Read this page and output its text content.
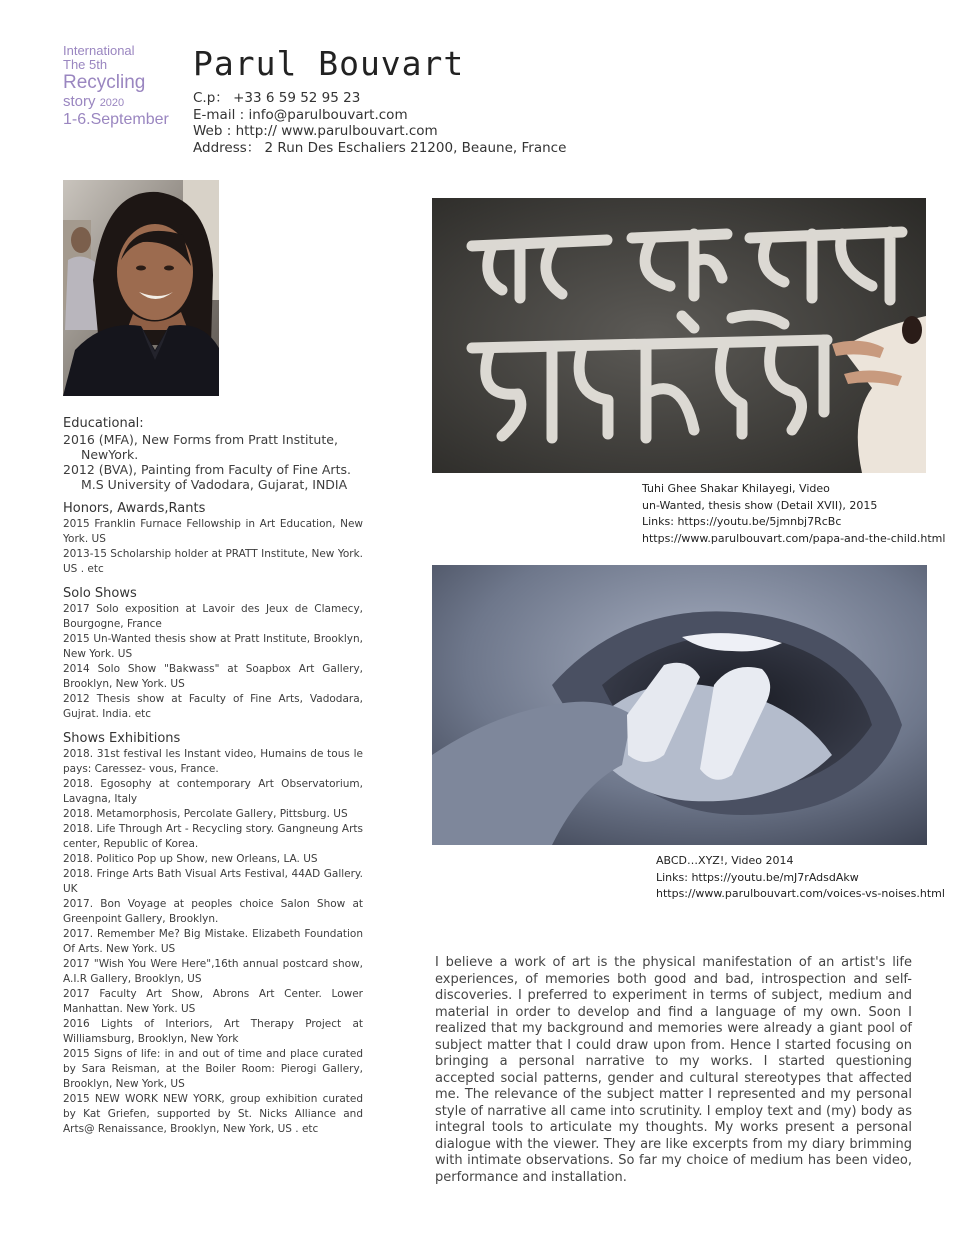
International
The 5th
Recycling
story 2020
1-6.September
Parul Bouvart
C.p： +33 6 59 52 95 23
E-mail : info@parulbouvart.com
Web : http:// www.parulbouvart.com
Address： 2 Run Des Eschaliers 21200, Beaune, France
Educational:
2016 (MFA), New Forms from Pratt Institute,
NewYork.
2012 (BVA), Painting from Faculty of Fine Arts.
M.S University of Vadodara, Gujarat, INDIA
Honors, Awards,Rants
2015 Franklin Furnace Fellowship in Art Education, New York. US
2013-15 Scholarship holder at PRATT Institute, New York. US . etc
Solo Shows
2017 Solo exposition at Lavoir des Jeux de Clamecy, Bourgogne, France
2015 Un-Wanted thesis show at Pratt Institute, Brooklyn, New York. US
2014 Solo Show "Bakwass" at Soapbox Art Gallery, Brooklyn, New York. US
2012 Thesis show at Faculty of Fine Arts, Vadodara, Gujrat. India. etc
Shows Exhibitions
2018. 31st festival les Instant video, Humains de tous le pays: Caressez- vous, France.
2018. Egosophy at contemporary Art Observatorium, Lavagna, Italy
2018. Metamorphosis, Percolate Gallery, Pittsburg. US
2018. Life Through Art - Recycling story. Gangneung Arts center, Republic of Korea.
2018. Politico Pop up Show, new Orleans, LA. US
2018. Fringe Arts Bath Visual Arts Festival, 44AD Gallery. UK
2017. Bon Voyage at peoples choice Salon Show at Greenpoint Gallery, Brooklyn.
2017. Remember Me? Big Mistake. Elizabeth Foundation Of Arts. New York. US
2017 "Wish You Were Here",16th annual postcard show, A.I.R Gallery, Brooklyn, US
2017 Faculty Art Show, Abrons Art Center. Lower Manhattan. New York. US
2016 Lights of Interiors, Art Therapy Project at Williamsburg, Brooklyn, New York
2015 Signs of life: in and out of time and place curated by Sara Reisman, at the Boiler Room: Pierogi Gallery, Brooklyn, New York, US
2015 NEW WORK NEW YORK, group exhibition curated by Kat Griefen, supported by St. Nicks Alliance and Arts@ Renaissance, Brooklyn, New York, US . etc
Tuhi Ghee Shakar Khilayegi, Video
un-Wanted, thesis show (Detail XVII), 2015
Links: https://youtu.be/5jmnbj7RcBc
https://www.parulbouvart.com/papa-and-the-child.html
ABCD…XYZ!, Video 2014
Links: https://youtu.be/mJ7rAdsdAkw
https://www.parulbouvart.com/voices-vs-noises.html

I believe a work of art is the physical manifestation of an artist's life experiences, of memories both good and bad, introspection and self- discoveries. I preferred to experiment in terms of subject, medium and material in order to develop and find a language of my own. Soon I realized that my background and memories were already a giant pool of subject matter that I could draw upon from. Hence I started focusing on bringing a personal narrative to my works. I started questioning accepted social patterns, gender and cultural stereotypes that affected me. The relevance of the subject matter I represented and my personal style of narrative all came into scrutinity. I employ text and (my) body as integral tools to articulate my thoughts. My works present a personal dialogue with the viewer. They are like excerpts from my diary brimming with intimate observations. So far my choice of medium has been video, performance and installation.
